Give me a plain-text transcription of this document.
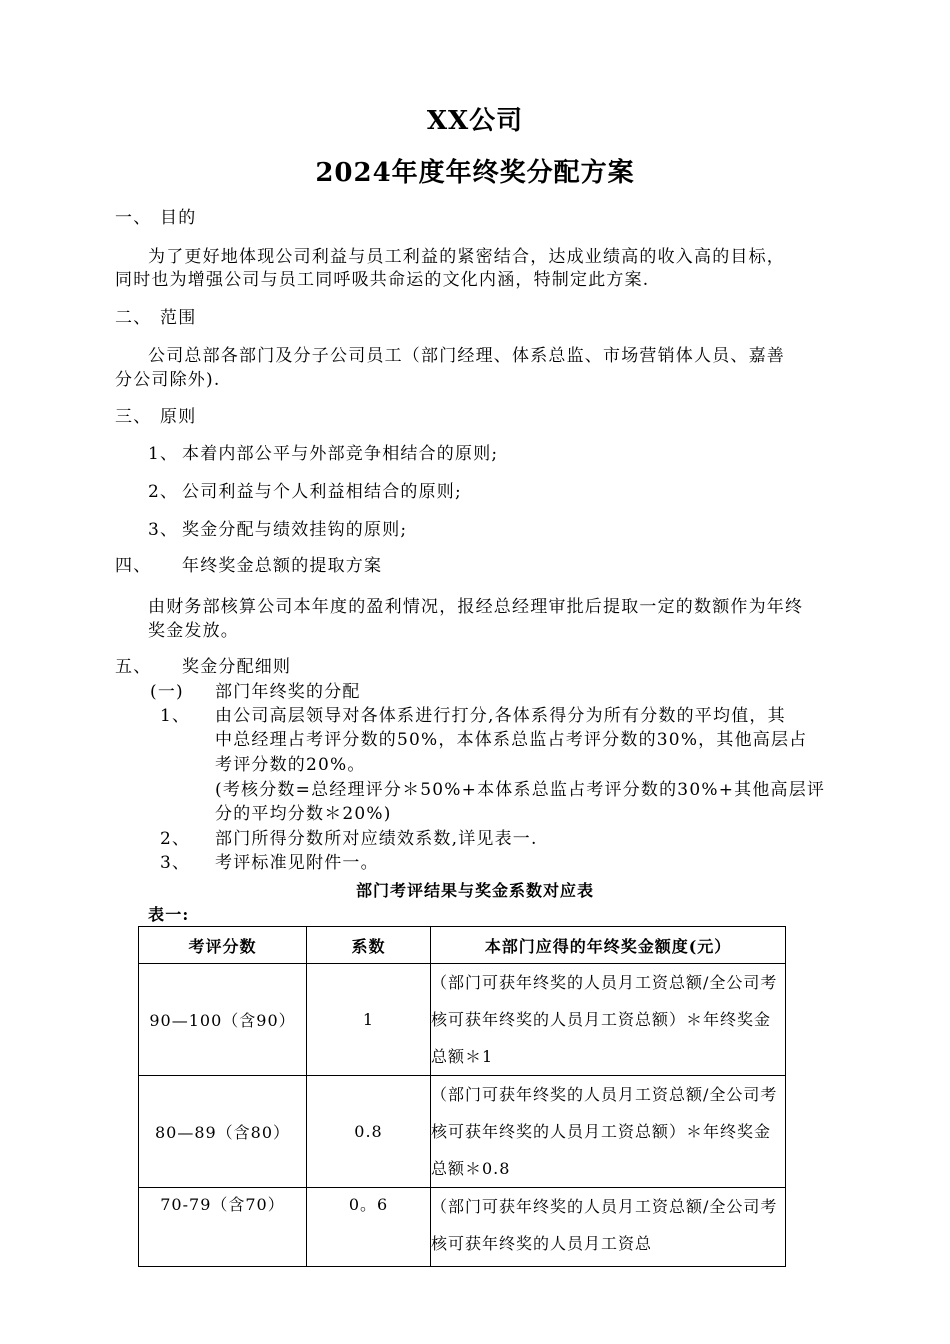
XX公司
2024年度年终奖分配方案
一、 目的
为了更好地体现公司利益与员工利益的紧密结合，达成业绩高的收入高的目标，
同时也为增强公司与员工同呼吸共命运的文化内涵，特制定此方案.
二、 范围
公司总部各部门及分子公司员工（部门经理、体系总监、市场营销体人员、嘉善
分公司除外).
三、 原则
1、 本着内部公平与外部竞争相结合的原则;
2、 公司利益与个人利益相结合的原则;
3、 奖金分配与绩效挂钩的原则;
四、 年终奖金总额的提取方案
由财务部核算公司本年度的盈利情况，报经总经理审批后提取一定的数额作为年终
奖金发放。
五、 奖金分配细则
(一) 部门年终奖的分配
1、 由公司高层领导对各体系进行打分,各体系得分为所有分数的平均值，其
中总经理占考评分数的50%，本体系总监占考评分数的30%，其他高层占
考评分数的20%。
(考核分数=总经理评分＊50%+本体系总监占考评分数的30%+其他高层评
分的平均分数＊20%)
2、 部门所得分数所对应绩效系数,详见表一.
3、 考评标准见附件一。
部门考评结果与奖金系数对应表
表一:
考评分数	系数	本部门应得的年终奖金额度(元）
90—100（含90）	1	（部门可获年终奖的人员月工资总额/全公司考核可获年终奖的人员月工资总额）＊年终奖金总额＊1
80—89（含80）	0.8	（部门可获年终奖的人员月工资总额/全公司考核可获年终奖的人员月工资总额）＊年终奖金总额＊0.8
70-79（含70）	0。6	（部门可获年终奖的人员月工资总额/全公司考核可获年终奖的人员月工资总
